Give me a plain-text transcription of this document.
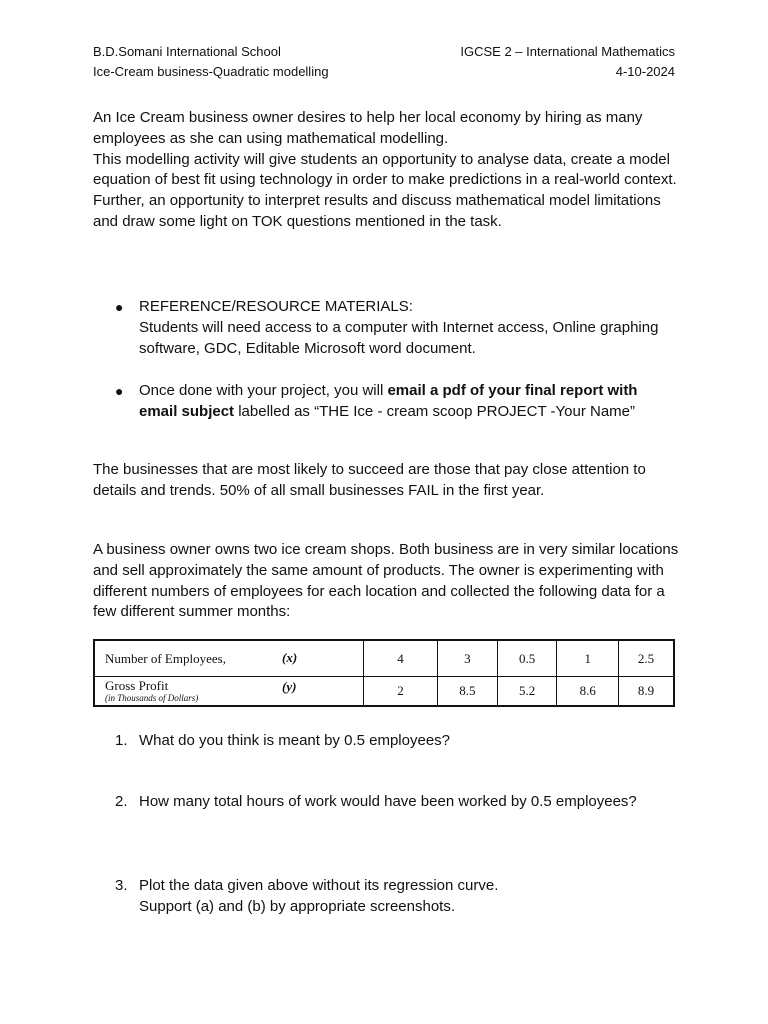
B.D.Somani International School
Ice-Cream business-Quadratic modelling
IGCSE 2 – International Mathematics
4-10-2024
An Ice Cream business owner desires to help her local economy by hiring as many employees as she can using mathematical modelling.
This modelling activity will give students an opportunity to analyse data, create a model equation of best fit using technology in order to make predictions in a real-world context. Further, an opportunity to interpret results and discuss mathematical model limitations and draw some light on TOK questions mentioned in the task.
● REFERENCE/RESOURCE MATERIALS:
Students will need access to a computer with Internet access, Online graphing software, GDC, Editable Microsoft word document.
● Once done with your project, you will email a pdf of your final report with email subject labelled as “THE Ice - cream scoop PROJECT -Your Name”
The businesses that are most likely to succeed are those that pay close attention to details and trends. 50% of all small businesses FAIL in the first year.
A business owner owns two ice cream shops. Both business are in very similar locations and sell approximately the same amount of products. The owner is experimenting with different numbers of employees for each location and collected the following data for a few different summer months:
Number of Employees, (x)	4	3	0.5	1	2.5

Gross Profit
(in Thousands of Dollars)
(y)	2	8.5	5.2	8.6	8.9
1. What do you think is meant by 0.5 employees?
2. How many total hours of work would have been worked by 0.5 employees?
3. Plot the data given above without its regression curve.
Support (a) and (b) by appropriate screenshots.
